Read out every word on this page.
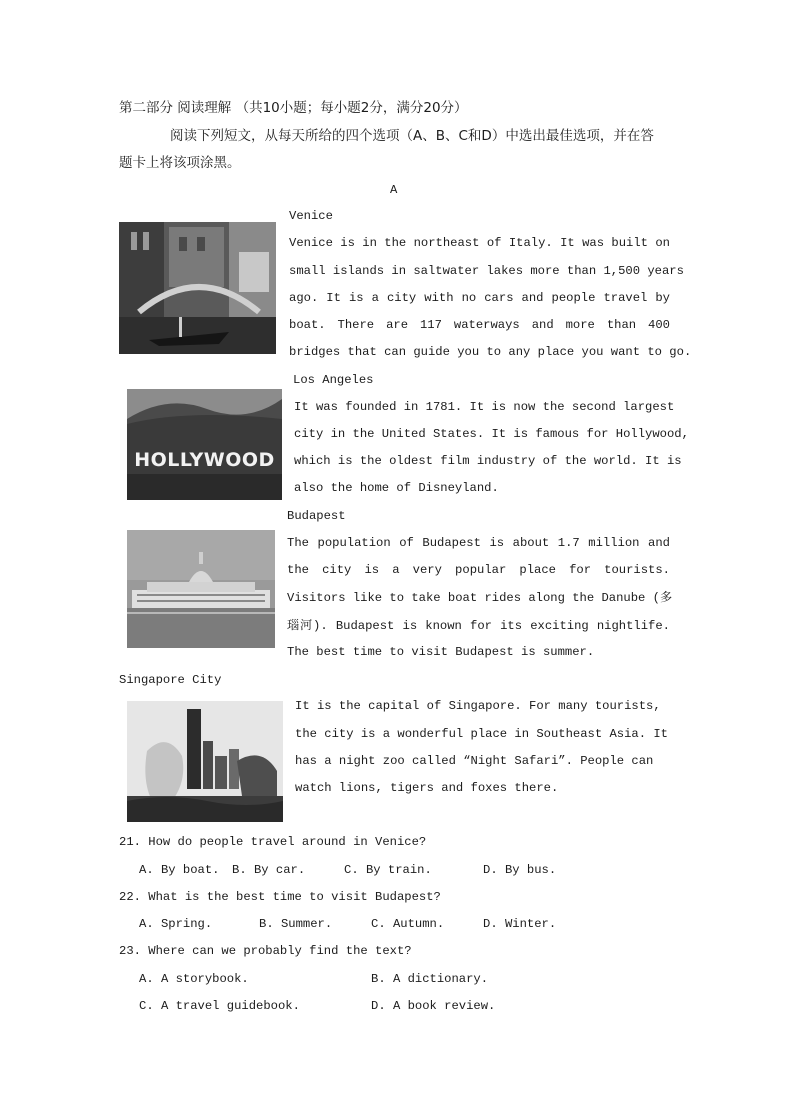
第二部分 阅读理解 （共10小题；每小题2分，满分20分）
阅读下列短文，从每天所给的四个选项（A、B、C和D）中选出最佳选项，并在答
题卡上将该项涂黑。
A
Venice
Venice is in the northeast of Italy. It was built on
small islands in saltwater lakes more than 1,500 years
ago. It is a city with no cars and people travel by
boat. There are 117 waterways and more than 400
bridges that can guide you to any place you want to go.
Los Angeles
HOLLYWOOD
It was founded in 1781. It is now the second largest
city in the United States. It is famous for Hollywood,
which is the oldest film industry of the world. It is
also the home of Disneyland.
Budapest
The population of Budapest is about 1.7 million and
the city is a very popular place for tourists.
Visitors like to take boat rides along the Danube (多
瑙河). Budapest is known for its exciting nightlife.
The best time to visit Budapest is summer.
Singapore City
It is the capital of Singapore. For many tourists,
the city is a wonderful place in Southeast Asia. It
has a night zoo called “Night Safari”. People can
watch lions, tigers and foxes there.
21. How do people travel around in Venice?
A. By boat. B. By car.	C. By train.	D. By bus.
22. What is the best time to visit Budapest?
A. Spring.	B. Summer.	C. Autumn.	D. Winter.
23. Where can we probably find the text?
A. A storybook.	B. A dictionary.
C. A travel guidebook.	D. A book review.
